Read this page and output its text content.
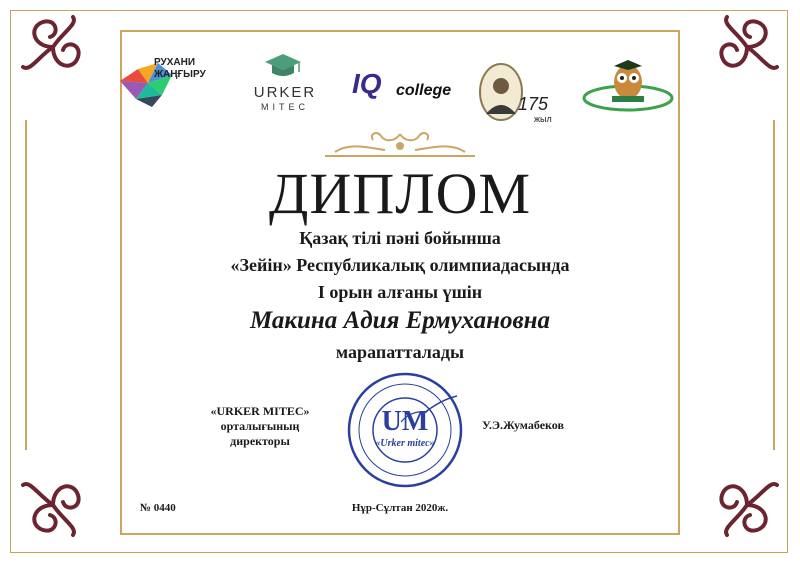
РУХАНИ
ЖАҢҒЫРУ
URKER
MITEC
IQ college
175
жыл
ДИПЛОМ
Қазақ тілі пәні бойынша
«Зейін» Республикалық олимпиадасында
І орын алғаны үшін
Макина Адия Ермухановна
марапатталады
«URKER MITEC»
орталығының
директоры
UM
«Urker mitec»
У.Э.Жумабеков
№ 0440	Нұр-Сұлтан 2020ж.
